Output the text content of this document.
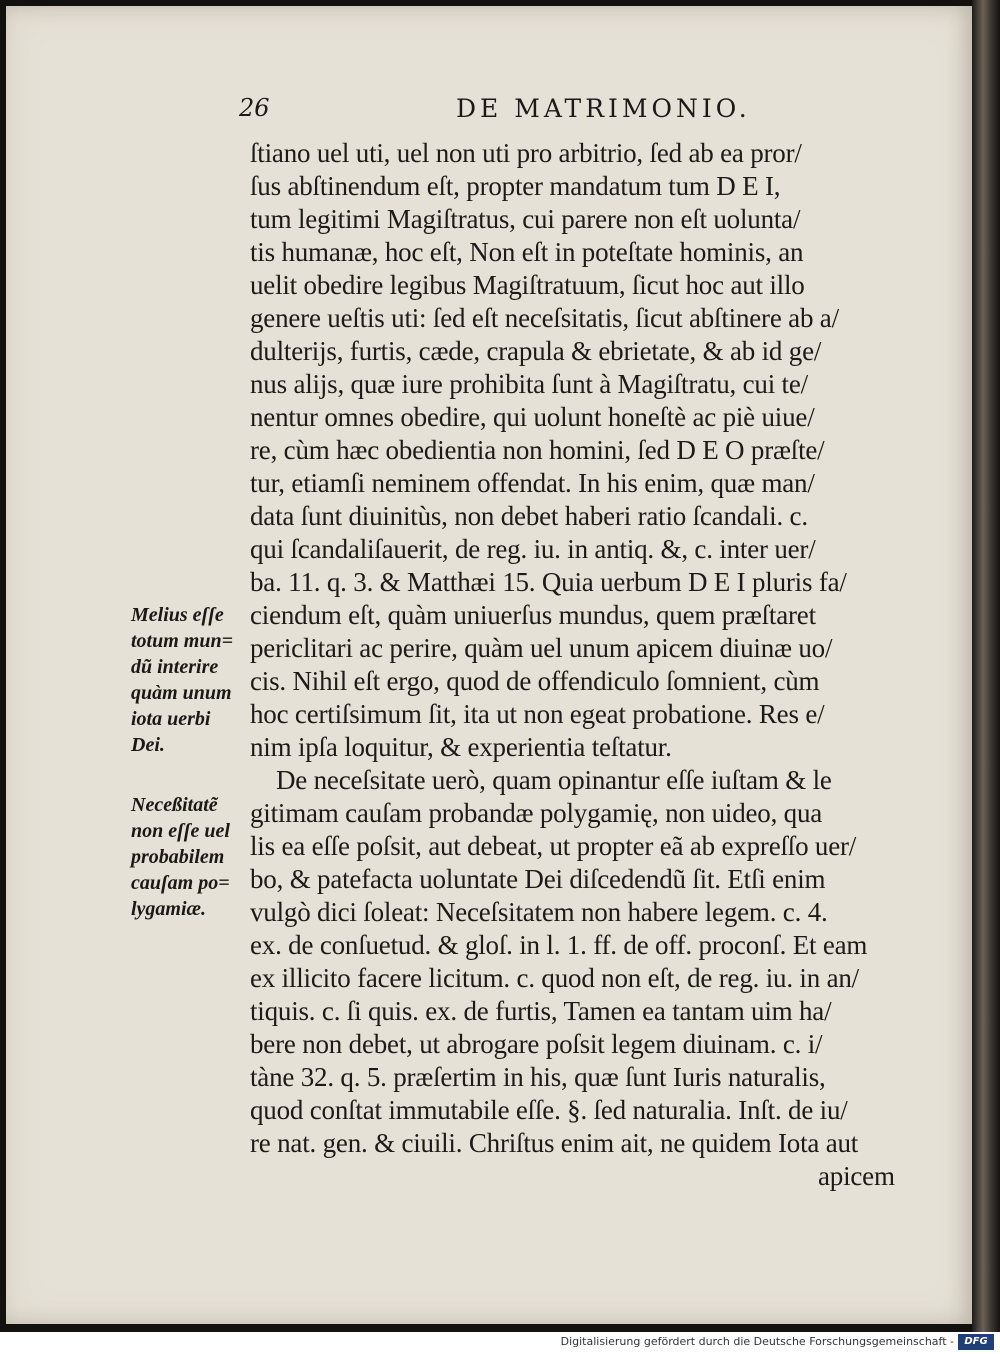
26	DE MATRIMONIO.
ſtiano uel uti, uel non uti pro arbitrio, ſed ab ea pror/
ſus abſtinendum eſt, propter mandatum tum D E I,
tum legitimi Magiſtratus, cui parere non eſt uolunta/
tis humanæ, hoc eſt, Non eſt in poteſtate hominis, an
uelit obedire legibus Magiſtratuum, ſicut hoc aut illo
genere ueſtis uti: ſed eſt neceſsitatis, ſicut abſtinere ab a/
dulterijs, furtis, cæde, crapula & ebrietate, & ab id ge/
nus alijs, quæ iure prohibita ſunt à Magiſtratu, cui te/
nentur omnes obedire, qui uolunt honeſtè ac piè uiue/
re, cùm hæc obedientia non homini, ſed D E O præſte/
tur, etiamſi neminem offendat. In his enim, quæ man/
data ſunt diuinitùs, non debet haberi ratio ſcandali. c.
qui ſcandaliſauerit, de reg. iu. in antiq. &, c. inter uer/
ba. 11. q. 3. & Matthæi 15. Quia uerbum D E I pluris fa/
ciendum eſt, quàm uniuerſus mundus, quem præſtaret
periclitari ac perire, quàm uel unum apicem diuinæ uo/
cis. Nihil eſt ergo, quod de offendiculo ſomnient, cùm
hoc certiſsimum ſit, ita ut non egeat probatione. Res e/
nim ipſa loquitur, & experientia teſtatur.
De neceſsitate uerò, quam opinantur eſſe iuſtam & le
gitimam cauſam probandæ polygamię, non uideo, qua
lis ea eſſe poſsit, aut debeat, ut propter eã ab expreſſo uer/
bo, & patefacta uoluntate Dei diſcedendũ ſit. Etſi enim
vulgò dici ſoleat: Neceſsitatem non habere legem. c. 4.
ex. de conſuetud. & gloſ. in l. 1. ff. de off. proconſ. Et eam
ex illicito facere licitum. c. quod non eſt, de reg. iu. in an/
tiquis. c. ſi quis. ex. de furtis, Tamen ea tantam uim ha/
bere non debet, ut abrogare poſsit legem diuinam. c. i/
tàne 32. q. 5. præſertim in his, quæ ſunt Iuris naturalis,
quod conſtat immutabile eſſe. §. ſed naturalia. Inſt. de iu/
re nat. gen. & ciuili. Chriſtus enim ait, ne quidem Iota aut
apicem
Melius eſſe
totum mun=
dũ interire
quàm unum
iota uerbi
Dei.
Neceßitatẽ
non eſſe uel
probabilem
cauſam po=
lygamiæ.
Digitalisierung gefördert durch die Deutsche Forschungsgemeinschaft -	DFG
